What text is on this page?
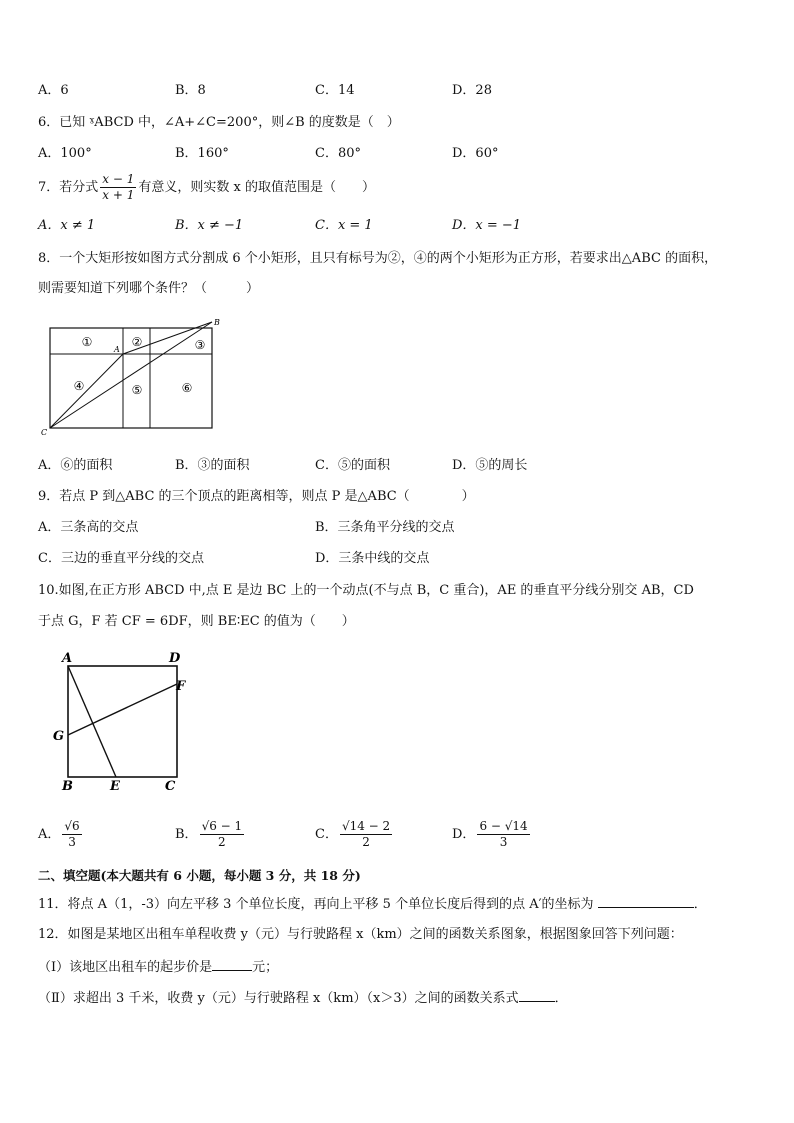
A．6	B．8	C．14	D．28
6．已知 ˠABCD 中，∠A+∠C=200°，则∠B 的度数是（　）
A．100°	B．160°	C．80°	D．60°
7．若分式 $\frac{x - 1}{x + 1}$ 有意义，则实数 x 的取值范围是（　　）
A．x ≠ 1	B．x ≠ −1	C．x = 1	D．x = −1
8．一个大矩形按如图方式分割成 6 个小矩形，且只有标号为②，④的两个小矩形为正方形，若要求出△ABC 的面积，
则需要知道下列哪个条件？（　　　）
①	②	③
④	⑤	⑥
A
B
C
A．⑥的面积	B．③的面积	C．⑤的面积	D．⑤的周长
9．若点 P 到△ABC 的三个顶点的距离相等，则点 P 是△ABC（　　　　）
A．三条高的交点	B．三条角平分线的交点
C．三边的垂直平分线的交点	D．三条中线的交点
10.如图,在正方形 ABCD 中,点 E 是边 BC 上的一个动点(不与点 B，C 重合)，AE 的垂直平分线分别交 AB，CD
于点 G，F 若 CF = 6DF，则 BE∶EC 的值为（　　）
A	D
F
G
B	E	C
A． $\frac{√6}{3}$	B． $\frac{√6 - 1}{2}$	C． $\frac{√14 - 2}{2}$	D． $\frac{6 - √14}{3}$
二、填空题(本大题共有 6 小题，每小题 3 分，共 18 分)
11．将点 A（1，-3）向左平移 3 个单位长度，再向上平移 5 个单位长度后得到的点 A′的坐标为	．
12．如图是某地区出租车单程收费 y（元）与行驶路程 x（km）之间的函数关系图象，根据图象回答下列问题：
（Ⅰ）该地区出租车的起步价是	元；
（Ⅱ）求超出 3 千米，收费 y（元）与行驶路程 x（km）（x＞3）之间的函数关系式	．
